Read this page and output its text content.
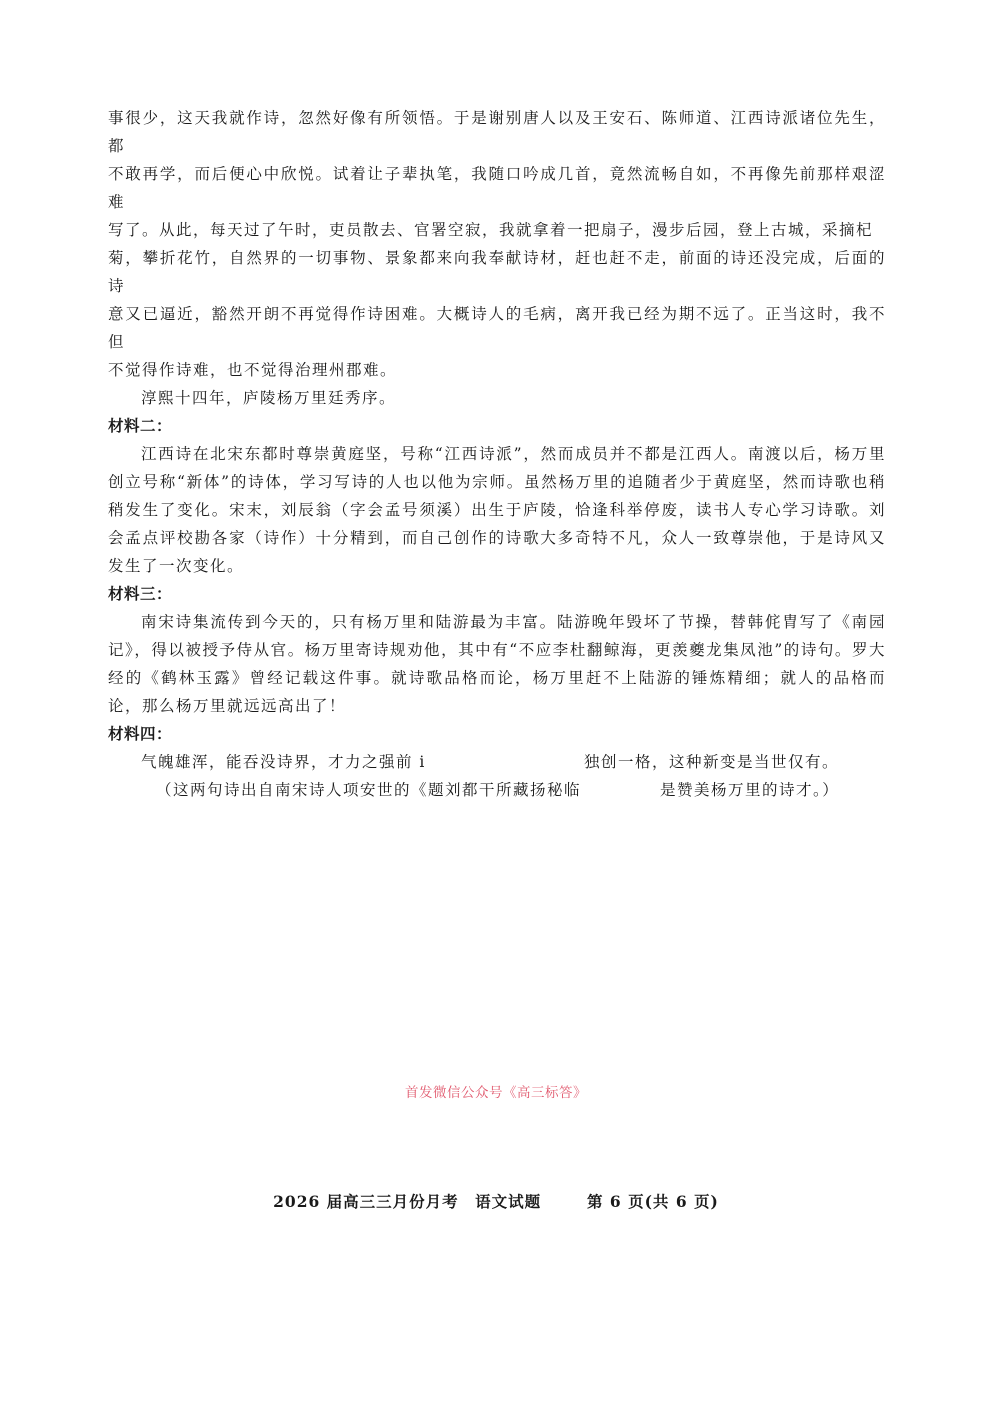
事很少，这天我就作诗，忽然好像有所领悟。于是谢别唐人以及王安石、陈师道、江西诗派诸位先生，都

不敢再学，而后便心中欣悦。试着让子辈执笔，我随口吟成几首，竟然流畅自如，不再像先前那样艰涩难

写了。从此，每天过了午时，吏员散去、官署空寂，我就拿着一把扇子，漫步后园，登上古城，采摘杞

菊，攀折花竹，自然界的一切事物、景象都来向我奉献诗材，赶也赶不走，前面的诗还没完成，后面的诗

意又已逼近，豁然开朗不再觉得作诗困难。大概诗人的毛病，离开我已经为期不远了。正当这时，我不但

不觉得作诗难，也不觉得治理州郡难。

淳熙十四年，庐陵杨万里廷秀序。

材料二：

江西诗在北宋东都时尊崇黄庭坚，号称“江西诗派”，然而成员并不都是江西人。南渡以后，杨万里创立号称“新体”的诗体，学习写诗的人也以他为宗师。虽然杨万里的追随者少于黄庭坚，然而诗歌也稍稍发生了变化。宋末，刘辰翁（字会孟号须溪）出生于庐陵，恰逢科举停废，读书人专心学习诗歌。刘会孟点评校勘各家（诗作）十分精到，而自己创作的诗歌大多奇特不凡，众人一致尊崇他，于是诗风又发生了一次变化。

材料三：

南宋诗集流传到今天的，只有杨万里和陆游最为丰富。陆游晚年毁坏了节操，替韩侂胄写了《南园记》，得以被授予侍从官。杨万里寄诗规劝他，其中有“不应李杜翻鲸海，更羡夔龙集凤池”的诗句。罗大经的《鹤林玉露》曾经记载这件事。就诗歌品格而论，杨万里赶不上陆游的锤炼精细；就人的品格而论，那么杨万里就远远高出了！

材料四：

气魄雄浑，能吞没诗界，才力之强前 i	独创一格，这种新变是当世仅有。
（这两句诗出自南宋诗人项安世的《题刘都干所藏扬秘临	是赞美杨万里的诗才。）
首发微信公众号《高三标答》
2026 届高三三月份月考　语文试题 　　	第 6 页(共 6 页)
